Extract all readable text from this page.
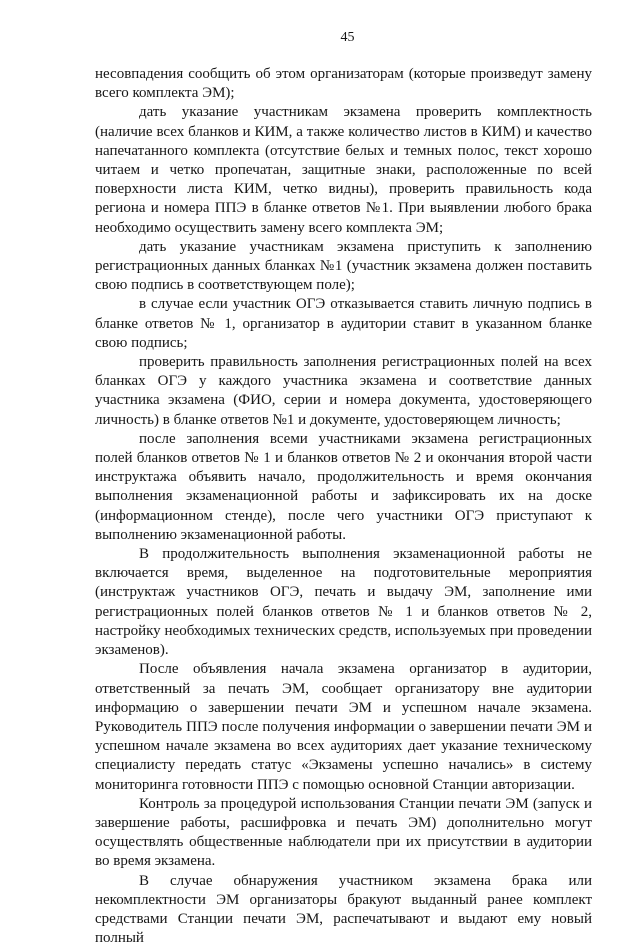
45

несовпадения сообщить об этом организаторам (которые произведут замену всего комплекта ЭМ);

дать указание участникам экзамена проверить комплектность (наличие всех бланков и КИМ, а также количество листов в КИМ) и качество напечатанного комплекта (отсутствие белых и темных полос, текст хорошо читаем и четко пропечатан, защитные знаки, расположенные по всей поверхности листа КИМ, четко видны), проверить правильность кода региона и номера ППЭ в бланке ответов №1. При выявлении любого брака необходимо осуществить замену всего комплекта ЭМ;

дать указание участникам экзамена приступить к заполнению регистрационных данных бланках №1 (участник экзамена должен поставить свою подпись в соответствующем поле);

в случае если участник ОГЭ отказывается ставить личную подпись в бланке ответов № 1, организатор в аудитории ставит в указанном бланке свою подпись;

проверить правильность заполнения регистрационных полей на всех бланках ОГЭ у каждого участника экзамена и соответствие данных участника экзамена (ФИО, серии и номера документа, удостоверяющего личность) в бланке ответов №1 и документе, удостоверяющем личность;

после заполнения всеми участниками экзамена регистрационных полей бланков ответов № 1 и бланков ответов № 2 и окончания второй части инструктажа объявить начало, продолжительность и время окончания выполнения экзаменационной работы и зафиксировать их на доске (информационном стенде), после чего участники ОГЭ приступают к выполнению экзаменационной работы.

В продолжительность выполнения экзаменационной работы не включается время, выделенное на подготовительные мероприятия (инструктаж участников ОГЭ, печать и выдачу ЭМ, заполнение ими регистрационных полей бланков ответов № 1 и бланков ответов № 2, настройку необходимых технических средств, используемых при проведении экзаменов).

После объявления начала экзамена организатор в аудитории, ответственный за печать ЭМ, сообщает организатору вне аудитории информацию о завершении печати ЭМ и успешном начале экзамена. Руководитель ППЭ после получения информации о завершении печати ЭМ и успешном начале экзамена во всех аудиториях дает указание техническому специалисту передать статус «Экзамены успешно начались» в систему мониторинга готовности ППЭ с помощью основной Станции авторизации.

Контроль за процедурой использования Станции печати ЭМ (запуск и завершение работы, расшифровка и печать ЭМ) дополнительно могут осуществлять общественные наблюдатели при их присутствии в аудитории во время экзамена.

В случае обнаружения участником экзамена брака или некомплектности ЭМ организаторы бракуют выданный ранее комплект средствами Станции печати ЭМ, распечатывают и выдают ему новый полный
